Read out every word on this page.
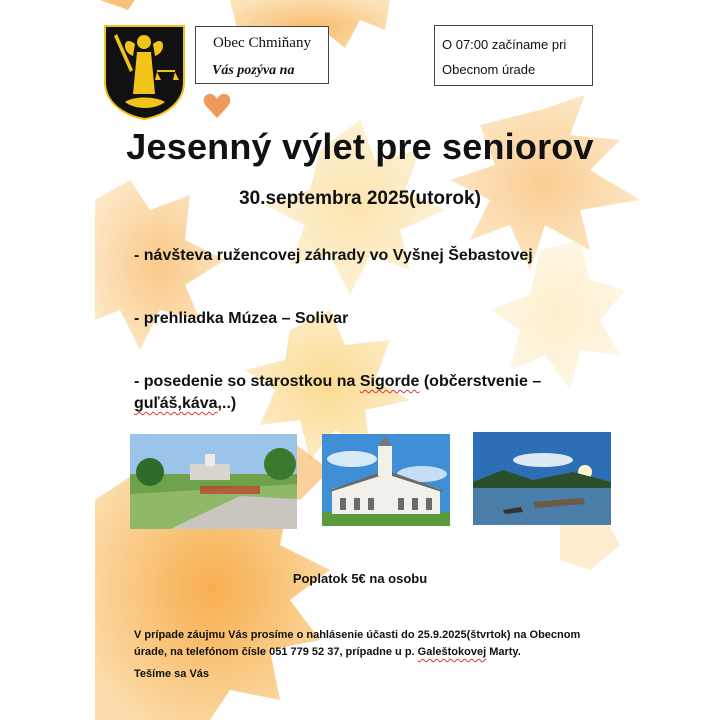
Obec Chmiňany
Vás pozýva na
O 07:00 začíname pri
Obecnom úrade
Jesenný výlet pre seniorov
30.septembra 2025(utorok)
- návšteva ružencovej záhrady vo Vyšnej Šebastovej
- prehliadka Múzea – Solivar
- posedenie so starostkou na Sigorde (občerstvenie – guľáš,káva,..)
Poplatok 5€ na osobu
V prípade záujmu Vás prosíme o nahlásenie účasti do 25.9.2025(štvrtok) na Obecnom úrade, na telefónom čísle 051 779 52 37, prípadne u p. Galeštokovej Marty.
Tešíme sa Vás
